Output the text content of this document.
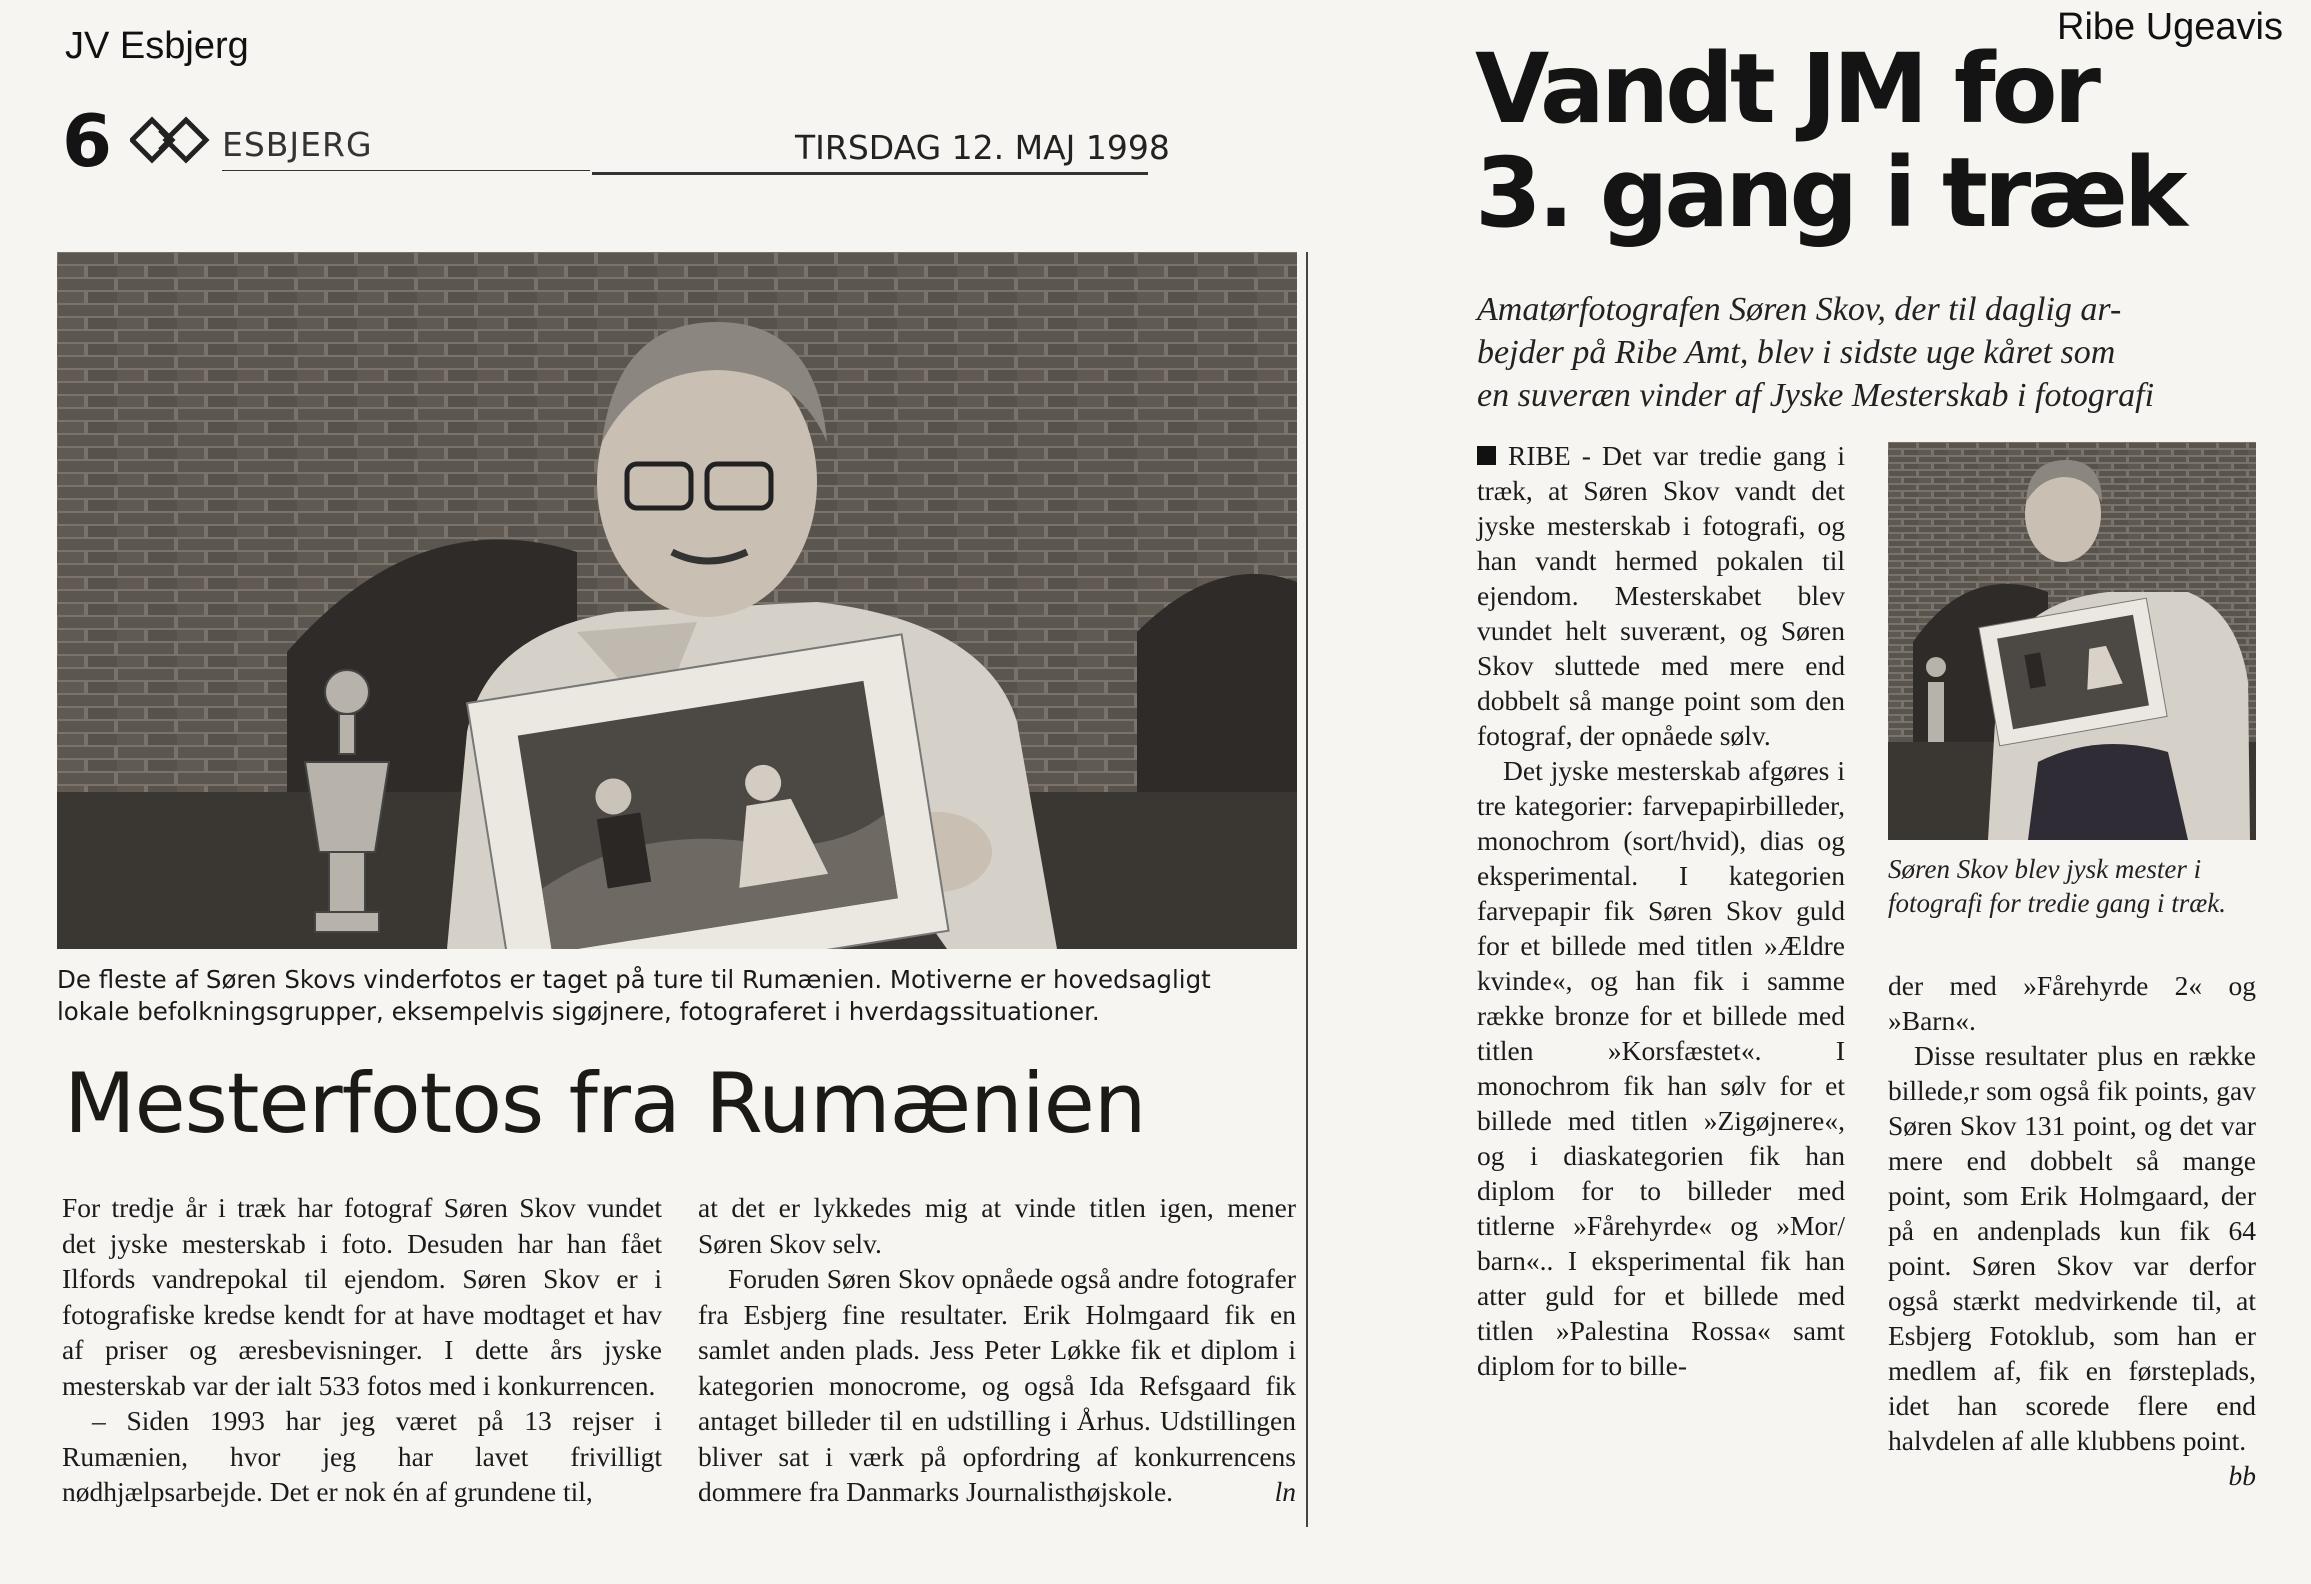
JV Esbjerg	Ribe Ugeavis
6	ESBJERG	TIRSDAG 12. MAJ 1998
De fleste af Søren Skovs vinderfotos er taget på ture til Rumænien. Motiverne er hovedsagligt
lokale befolkningsgrupper, eksempelvis sigøjnere, fotograferet i hverdagssituationer.
Mesterfotos fra Rumænien

For tredje år i træk har fotograf Søren Skov vundet det jyske mesterskab i foto. Desuden har han fået Ilfords vandrepokal til ejendom. Søren Skov er i fotografiske kredse kendt for at have modtaget et hav af priser og æresbevisninger. I dette års jyske mesterskab var der ialt 533 fotos med i konkurrencen.

– Siden 1993 har jeg været på 13 rejser i Rumænien, hvor jeg har lavet frivilligt nødhjælpsarbejde. Det er nok én af grundene til,

at det er lykkedes mig at vinde titlen igen, mener Søren Skov selv.

Foruden Søren Skov opnåede også andre fotografer fra Esbjerg fine resultater. Erik Holmgaard fik en samlet anden plads. Jess Peter Løkke fik et diplom i kategorien monocrome, og også Ida Refsgaard fik antaget billeder til en udstilling i Århus. Udstillingen bliver sat i værk på opfordring af konkurrencens dommere fra Danmarks Journalisthøjskole.	ln

Vandt JM for
3. gang i træk
Amatørfotografen Søren Skov, der til daglig ar-
bejder på Ribe Amt, blev i sidste uge kåret som
en suveræn vinder af Jyske Mesterskab i fotografi

RIBE - Det var tredie gang i træk, at Søren Skov vandt det jyske mesterskab i fotografi, og han vandt hermed pokalen til ejendom. Mesterskabet blev vundet helt suverænt, og Søren Skov sluttede med mere end dobbelt så mange point som den fotograf, der opnåede sølv.

Det jyske mesterskab afgøres i tre kategorier: farvepapirbilleder, monochrom (sort/hvid), dias og eksperimental. I kategorien farvepapir fik Søren Skov guld for et billede med titlen »Ældre kvinde«, og han fik i samme række bronze for et billede med titlen »Korsfæstet«. I monochrom fik han sølv for et billede med titlen »Zigøjnere«, og i diaskategorien fik han diplom for to billeder med titlerne »Fårehyrde« og »Mor/ barn«.. I eksperimental fik han atter guld for et billede med titlen »Palestina Rossa« samt diplom for to bille-

Søren Skov blev jysk mester i fotografi for tredie gang i træk.

der med »Fårehyrde 2« og »Barn«.

Disse resultater plus en række billede,r som også fik points, gav Søren Skov 131 point, og det var mere end dobbelt så mange point, som Erik Holmgaard, der på en andenplads kun fik 64 point. Søren Skov var derfor også stærkt medvirkende til, at Esbjerg Fotoklub, som han er medlem af, fik en førsteplads, idet han scorede flere end halvdelen af alle klubbens point.
bb
